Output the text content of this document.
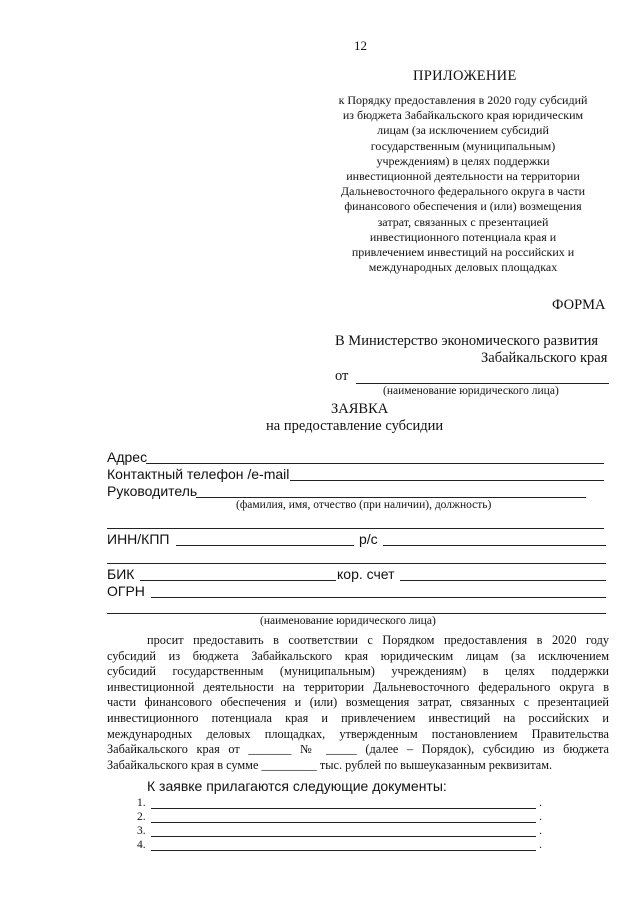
12
ПРИЛОЖЕНИЕ
к Порядку предоставления в 2020 году субсидий
из бюджета Забайкальского края юридическим
лицам (за исключением субсидий
государственным (муниципальным)
учреждениям) в целях поддержки
инвестиционной деятельности на территории
Дальневосточного федерального округа в части
финансового обеспечения и (или) возмещения
затрат, связанных с презентацией
инвестиционного потенциала края и
привлечением инвестиций на российских и
международных деловых площадках
ФОРМА
В Министерство экономического развития
Забайкальского края
от
(наименование юридического лица)
ЗАЯВКА
на предоставление субсидии
Адрес
Контактный телефон /e-mail
Руководитель
(фамилия, имя, отчество (при наличии), должность)
ИНН/КПП	р/с
БИК	кор. счет
ОГРН
(наименование юридического лица)
просит предоставить в соответствии с Порядком предоставления в 2020 году
субсидий из бюджета Забайкальского края юридическим лицам (за исключением
субсидий государственным (муниципальным) учреждениям) в целях поддержки
инвестиционной деятельности на территории Дальневосточного федерального округа в
части финансового обеспечения и (или) возмещения затрат, связанных с презентацией
инвестиционного потенциала края и привлечением инвестиций на российских и
международных деловых площадках, утвержденным постановлением Правительства
Забайкальского края от _______ № _____ (далее – Порядок), субсидию из бюджета
Забайкальского края в сумме _________ тыс. рублей по вышеуказанным реквизитам.
К заявке прилагаются следующие документы:
1.	.
2.	.
3.	.
4.	.
